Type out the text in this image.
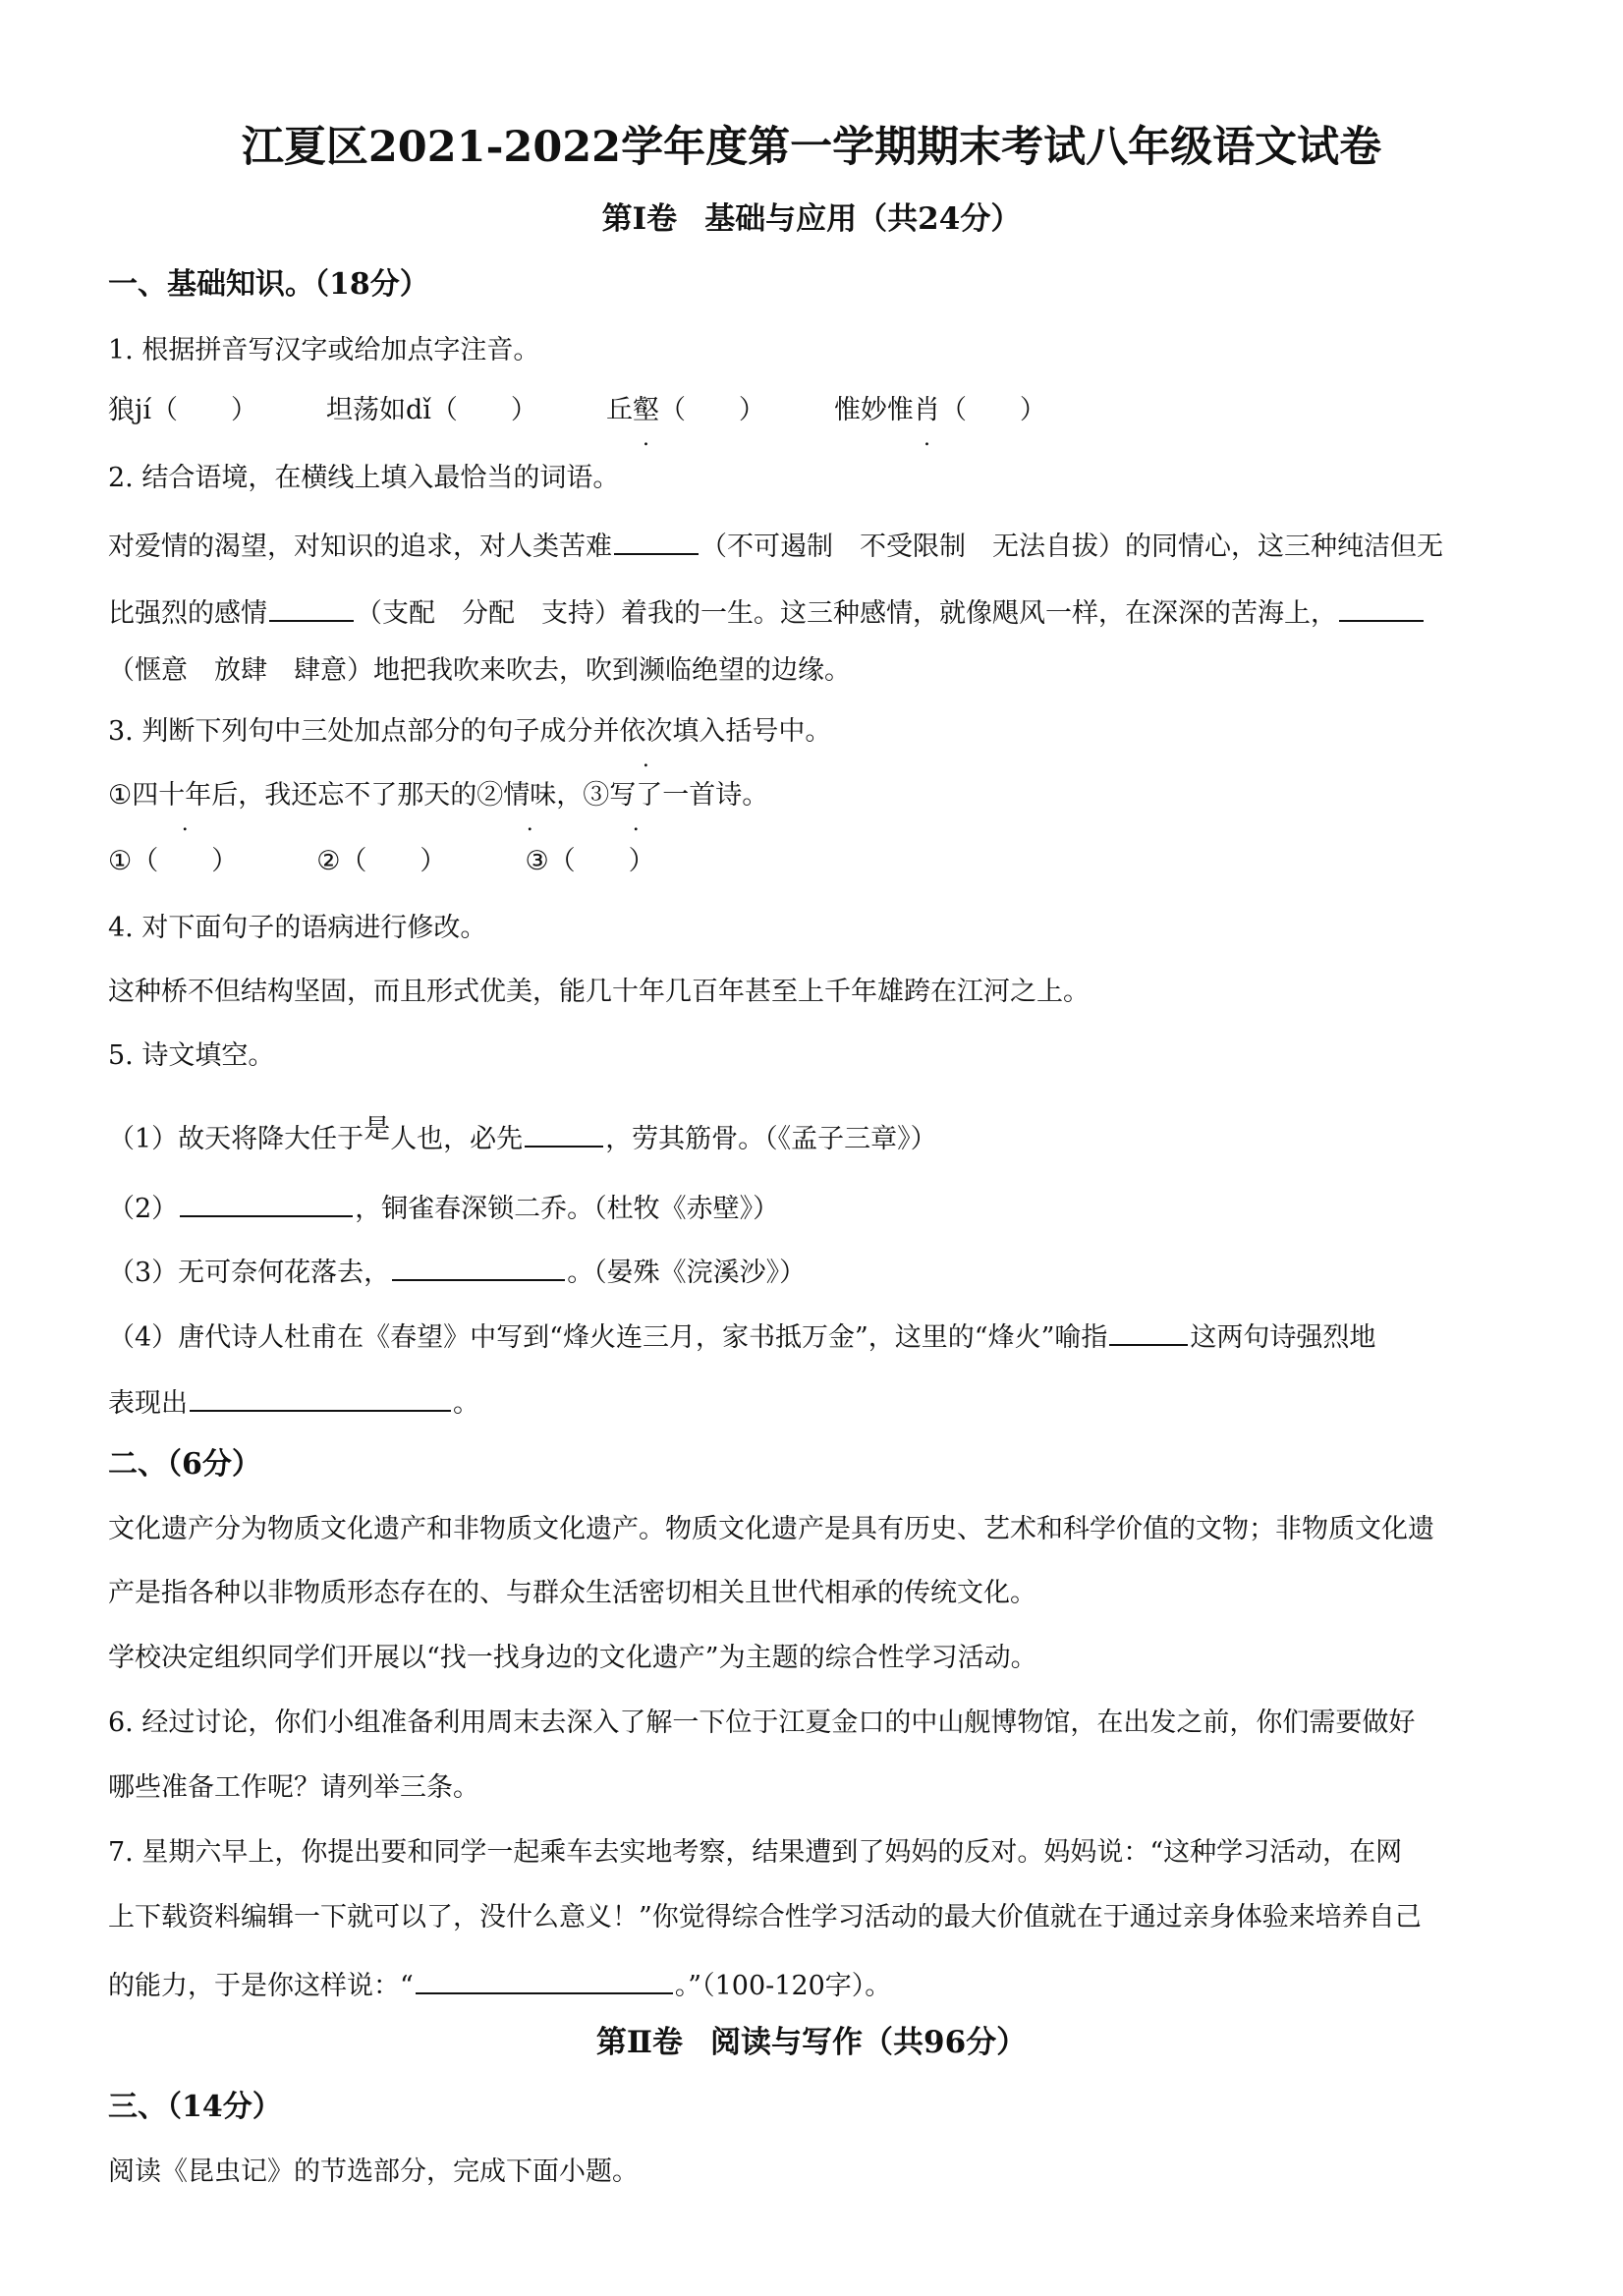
江夏区2021-2022学年度第一学期期末考试八年级语文试卷
第Ⅰ卷 基础与应用（共24分）
一、基础知识。（18分）
1. 根据拼音写汉字或给加点字注音。
狼jí（　　）	坦荡如dǐ（　　）	丘壑（　　）	惟妙惟肖（　　）
2. 结合语境，在横线上填入最恰当的词语。
对爱情的渴望，对知识的追求，对人类苦难	（不可遏制　不受限制　无法自拔）的同情心，这三种纯洁但无
比强烈的感情	（支配　分配　支持）着我的一生。这三种感情，就像飓风一样，在深深的苦海上，
（惬意　放肆　肆意）地把我吹来吹去，吹到濒临绝望的边缘。
3. 判断下列句中三处加点部分的句子成分并依次填入括号中。
①四十年后，我还忘不了那天的②情味，③写了一首诗。
①（　　）	②（　　）	③（　　）
4. 对下面句子的语病进行修改。
这种桥不但结构坚固，而且形式优美，能几十年几百年甚至上千年雄跨在江河之上。
5. 诗文填空。
（1）故天将降大任于是人也，必先	，劳其筋骨。（《孟子三章》）
（2）	，铜雀春深锁二乔。（杜牧《赤壁》）
（3）无可奈何花落去，	。（晏殊《浣溪沙》）
（4）唐代诗人杜甫在《春望》中写到“烽火连三月，家书抵万金”，这里的“烽火”喻指	这两句诗强烈地
表现出	。
二、（6分）
文化遗产分为物质文化遗产和非物质文化遗产。物质文化遗产是具有历史、艺术和科学价值的文物；非物质文化遗
产是指各种以非物质形态存在的、与群众生活密切相关且世代相承的传统文化。
学校决定组织同学们开展以“找一找身边的文化遗产”为主题的综合性学习活动。
6. 经过讨论，你们小组准备利用周末去深入了解一下位于江夏金口的中山舰博物馆，在出发之前，你们需要做好
哪些准备工作呢？请列举三条。
7. 星期六早上，你提出要和同学一起乘车去实地考察，结果遭到了妈妈的反对。妈妈说：“这种学习活动，在网
上下载资料编辑一下就可以了，没什么意义！”你觉得综合性学习活动的最大价值就在于通过亲身体验来培养自己
的能力，于是你这样说：“	。”（100-120字）。
第Ⅱ卷 阅读与写作（共96分）
三、（14分）
阅读《昆虫记》的节选部分，完成下面小题。
